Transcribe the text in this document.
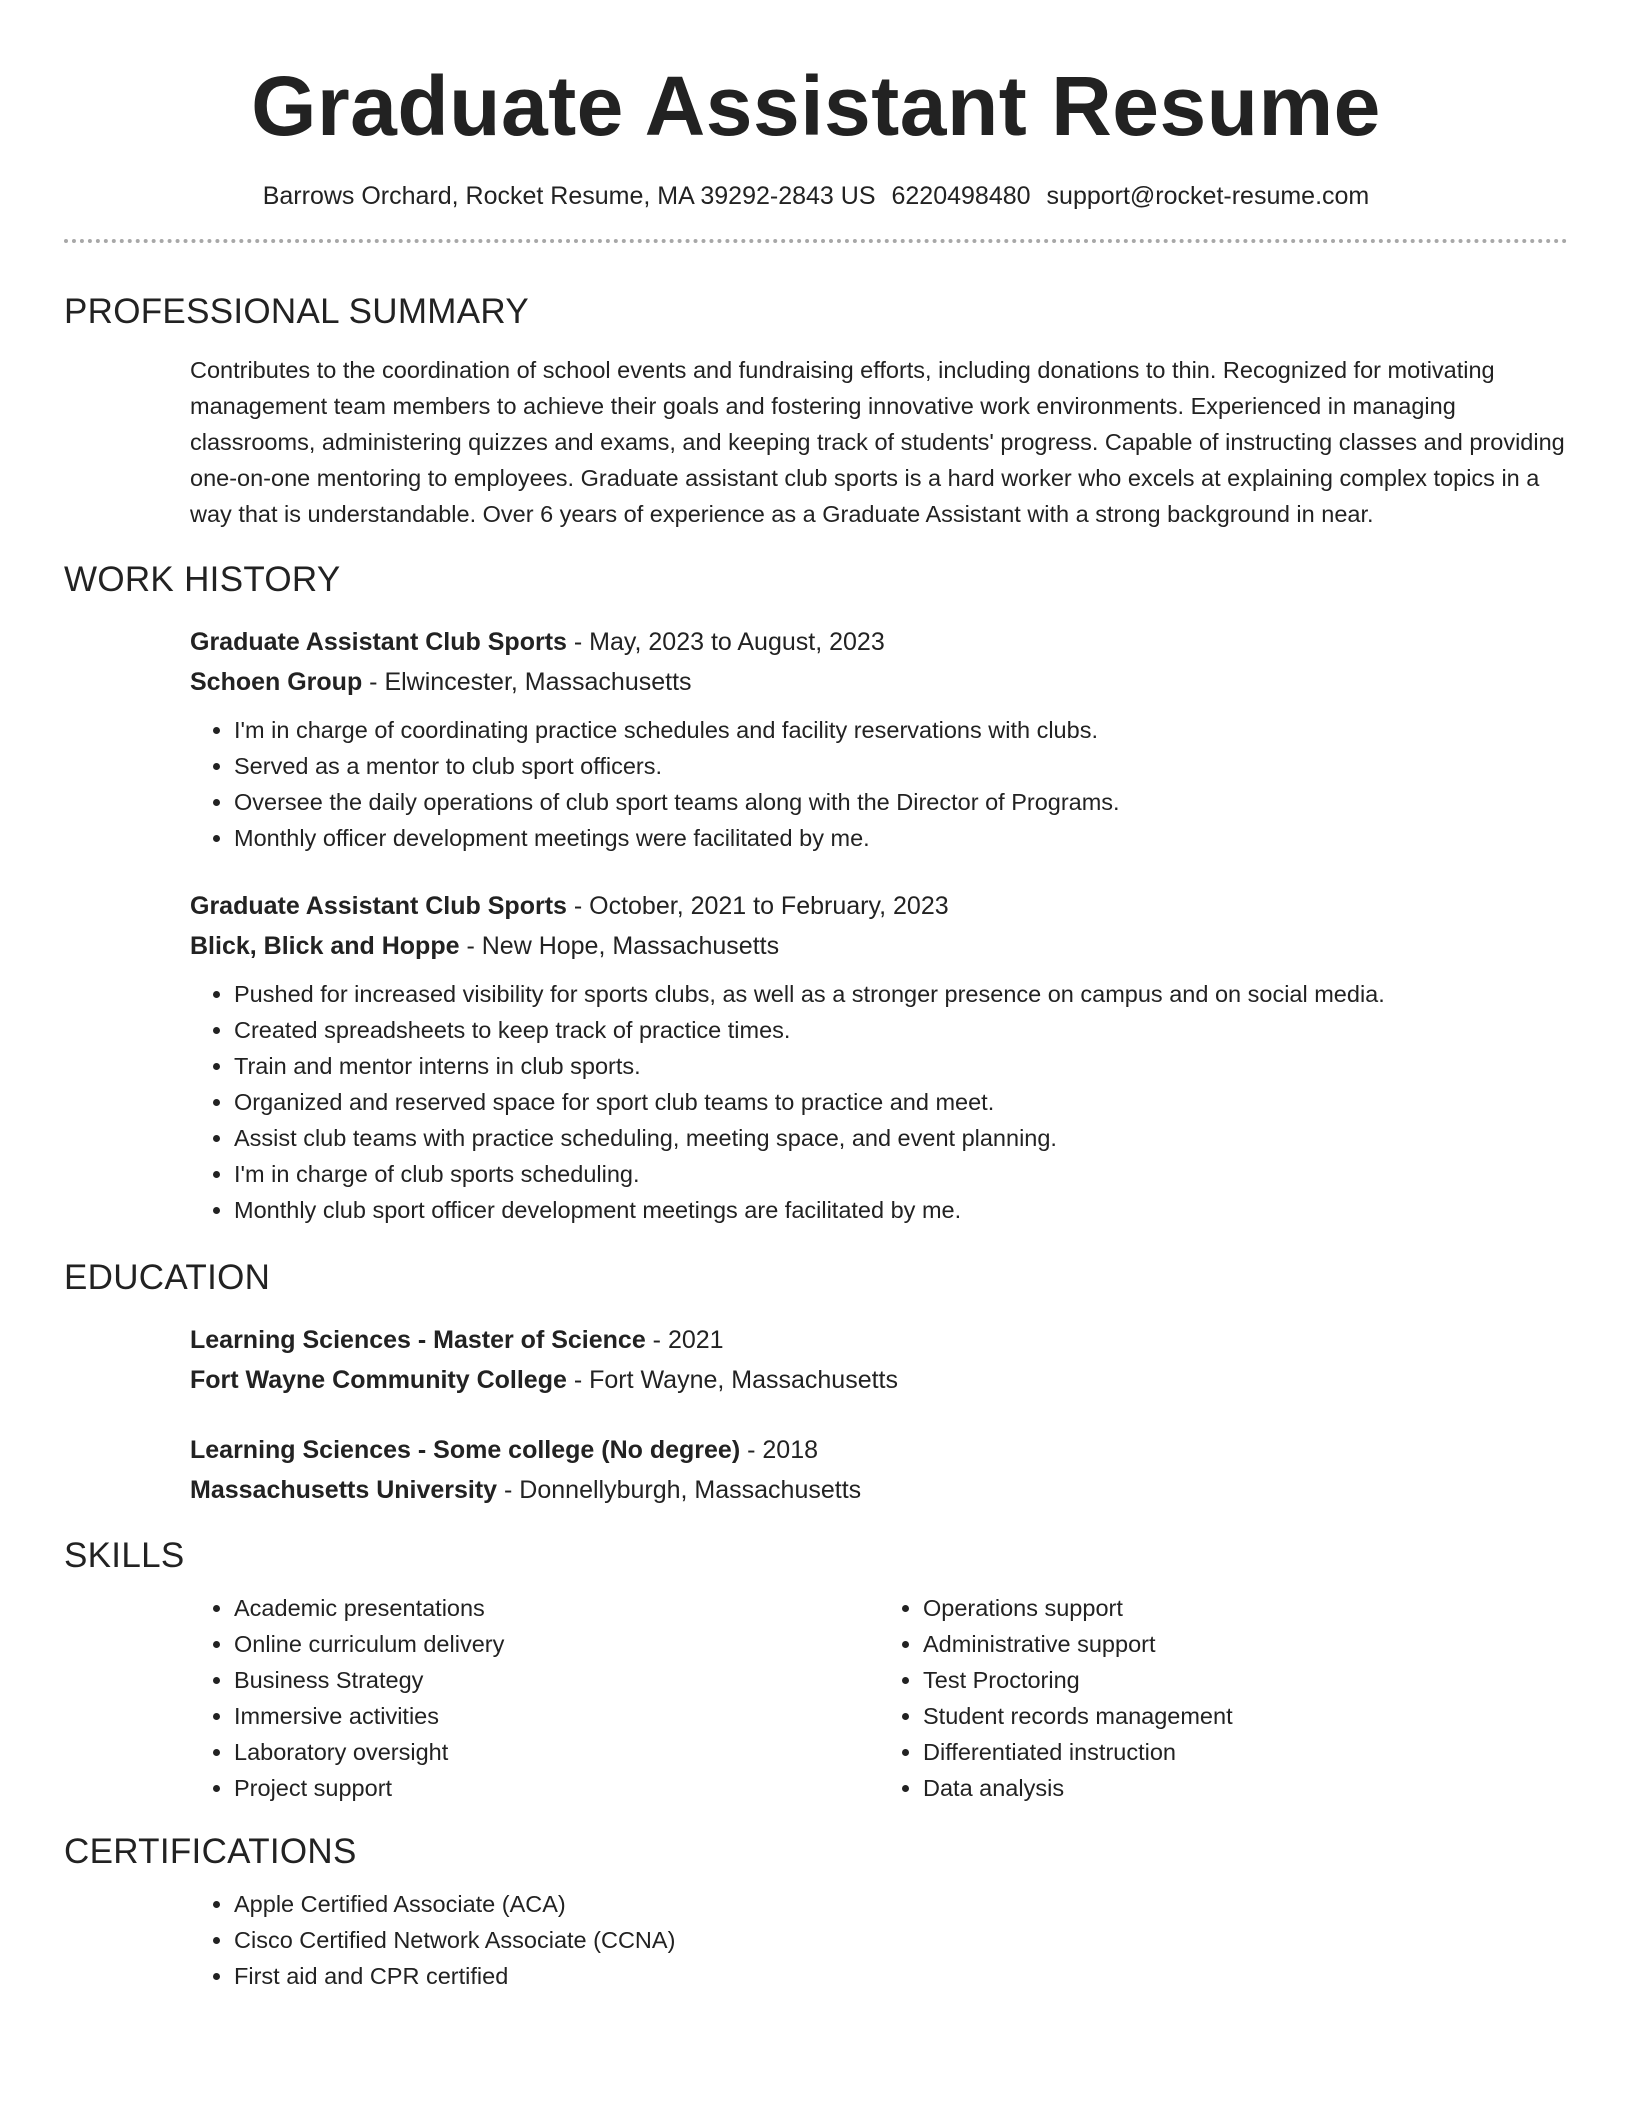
Graduate Assistant Resume
Barrows Orchard, Rocket Resume, MA 39292-2843 US 6220498480 support@rocket-resume.com
PROFESSIONAL SUMMARY

Contributes to the coordination of school events and fundraising efforts, including donations to thin. Recognized for motivating management team members to achieve their goals and fostering innovative work environments. Experienced in managing classrooms, administering quizzes and exams, and keeping track of students' progress. Capable of instructing classes and providing one-on-one mentoring to employees. Graduate assistant club sports is a hard worker who excels at explaining complex topics in a way that is understandable. Over 6 years of experience as a Graduate Assistant with a strong background in near.

WORK HISTORY
Graduate Assistant Club Sports - May, 2023 to August, 2023
Schoen Group - Elwincester, Massachusetts
• I'm in charge of coordinating practice schedules and facility reservations with clubs.
• Served as a mentor to club sport officers.
• Oversee the daily operations of club sport teams along with the Director of Programs.
• Monthly officer development meetings were facilitated by me.
Graduate Assistant Club Sports - October, 2021 to February, 2023
Blick, Blick and Hoppe - New Hope, Massachusetts
• Pushed for increased visibility for sports clubs, as well as a stronger presence on campus and on social media.
• Created spreadsheets to keep track of practice times.
• Train and mentor interns in club sports.
• Organized and reserved space for sport club teams to practice and meet.
• Assist club teams with practice scheduling, meeting space, and event planning.
• I'm in charge of club sports scheduling.
• Monthly club sport officer development meetings are facilitated by me.
EDUCATION
Learning Sciences - Master of Science - 2021
Fort Wayne Community College - Fort Wayne, Massachusetts
Learning Sciences - Some college (No degree) - 2018
Massachusetts University - Donnellyburgh, Massachusetts
SKILLS
• Academic presentations
• Online curriculum delivery
• Business Strategy
• Immersive activities
• Laboratory oversight
• Project support
• Operations support
• Administrative support
• Test Proctoring
• Student records management
• Differentiated instruction
• Data analysis
CERTIFICATIONS
• Apple Certified Associate (ACA)
• Cisco Certified Network Associate (CCNA)
• First aid and CPR certified
